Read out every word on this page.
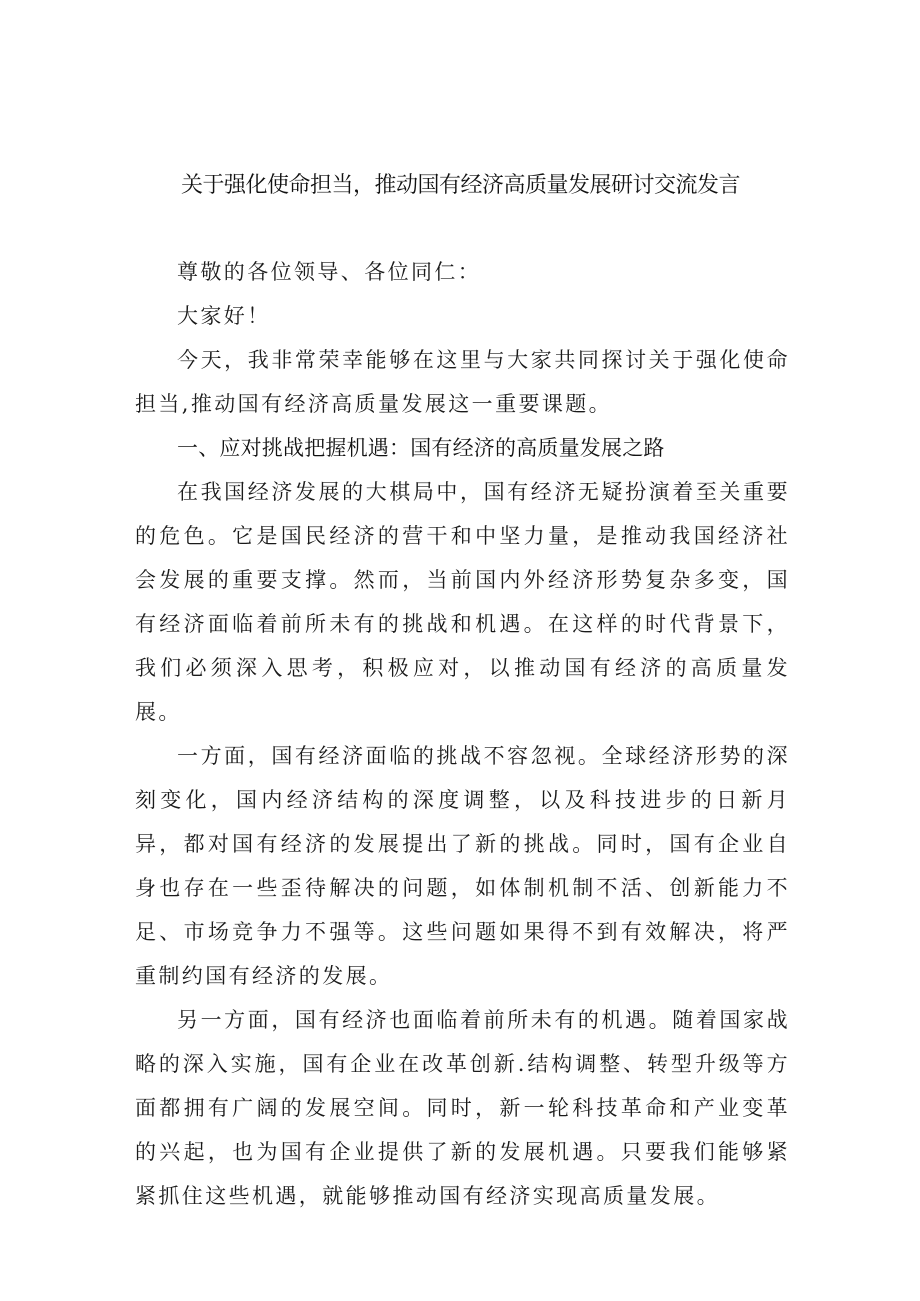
关于强化使命担当，推动国有经济高质量发展研讨交流发言

尊敬的各位领导、各位同仁：

大家好！

今天，我非常荣幸能够在这里与大家共同探讨关于强化使命担当,推动国有经济高质量发展这一重要课题。

一、应对挑战把握机遇：国有经济的高质量发展之路

在我国经济发展的大棋局中，国有经济无疑扮演着至关重要的危色。它是国民经济的营干和中坚力量，是推动我国经济社会发展的重要支撑。然而，当前国内外经济形势复杂多变，国有经济面临着前所未有的挑战和机遇。在这样的时代背景下，我们必须深入思考，积极应对，以推动国有经济的高质量发展。

一方面，国有经济面临的挑战不容忽视。全球经济形势的深刻变化，国内经济结构的深度调整，以及科技进步的日新月异，都对国有经济的发展提出了新的挑战。同时，国有企业自身也存在一些歪待解决的问题，如体制机制不活、创新能力不足、市场竞争力不强等。这些问题如果得不到有效解决，将严重制约国有经济的发展。

另一方面，国有经济也面临着前所未有的机遇。随着国家战略的深入实施，国有企业在改革创新.结构调整、转型升级等方面都拥有广阔的发展空间。同时，新一轮科技革命和产业变革的兴起，也为国有企业提供了新的发展机遇。只要我们能够紧紧抓住这些机遇，就能够推动国有经济实现高质量发展。
